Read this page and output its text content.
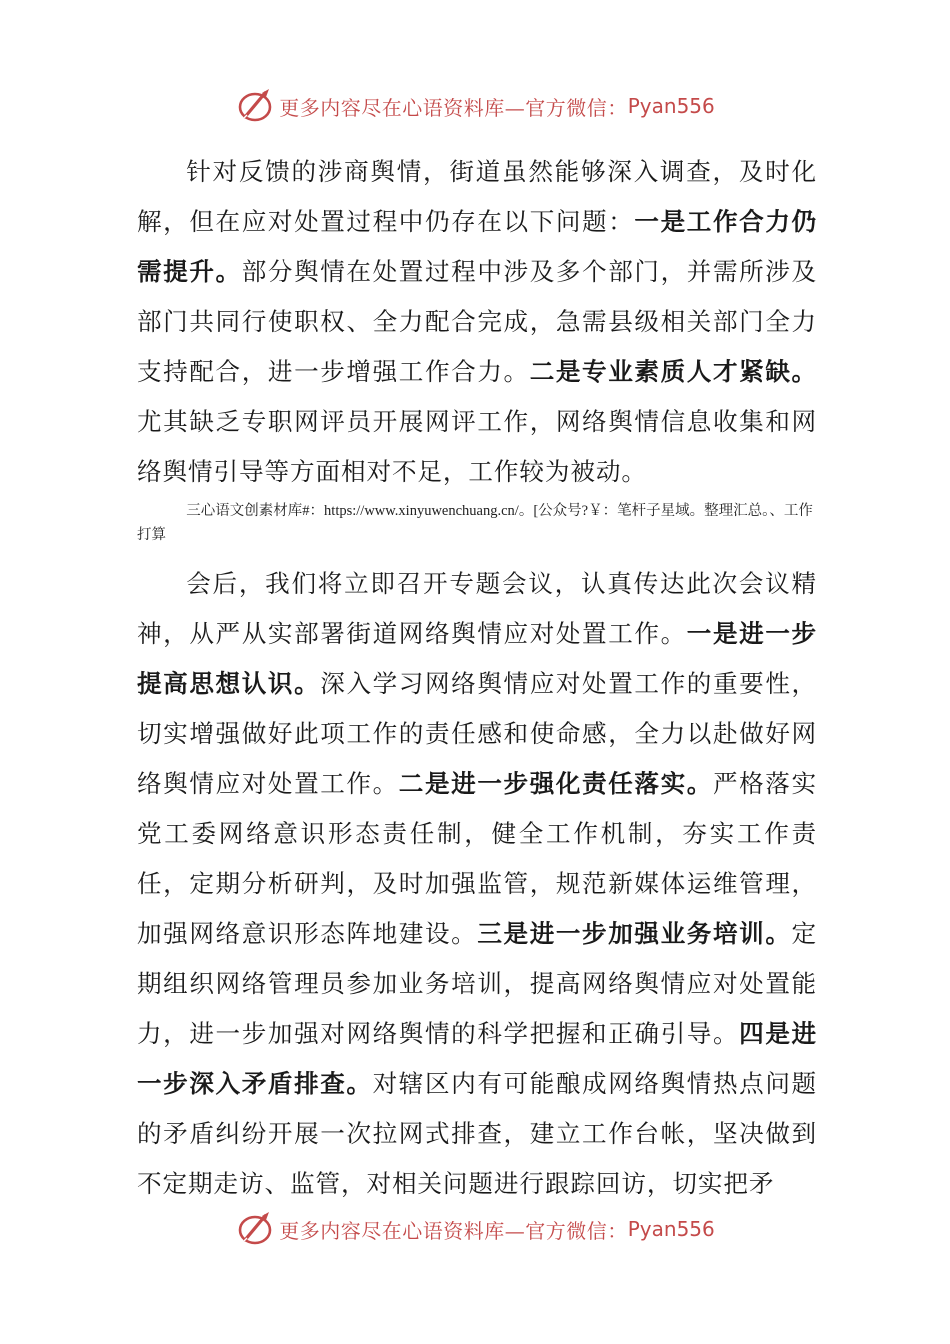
更多内容尽在心语资料库—官方微信： Pyan556

针对反馈的涉商舆情，街道虽然能够深入调查，及时化解，但在应对处置过程中仍存在以下问题：一是工作合力仍需提升。部分舆情在处置过程中涉及多个部门，并需所涉及部门共同行使职权、全力配合完成，急需县级相关部门全力支持配合，进一步增强工作合力。二是专业素质人才紧缺。尤其缺乏专职网评员开展网评工作，网络舆情信息收集和网络舆情引导等方面相对不足，工作较为被动。

三心语文创素材库#：https://www.xinyuwenchuang.cn/。[公众号?￥：笔杆子星域。整理汇总。、工作打算

会后，我们将立即召开专题会议，认真传达此次会议精神，从严从实部署街道网络舆情应对处置工作。一是进一步提高思想认识。深入学习网络舆情应对处置工作的重要性，切实增强做好此项工作的责任感和使命感，全力以赴做好网络舆情应对处置工作。二是进一步强化责任落实。严格落实党工委网络意识形态责任制，健全工作机制，夯实工作责任，定期分析研判，及时加强监管，规范新媒体运维管理，加强网络意识形态阵地建设。三是进一步加强业务培训。定期组织网络管理员参加业务培训，提高网络舆情应对处置能力，进一步加强对网络舆情的科学把握和正确引导。四是进一步深入矛盾排查。对辖区内有可能酿成网络舆情热点问题的矛盾纠纷开展一次拉网式排查，建立工作台帐，坚决做到不定期走访、监管，对相关问题进行跟踪回访，切实把矛

更多内容尽在心语资料库—官方微信： Pyan556
